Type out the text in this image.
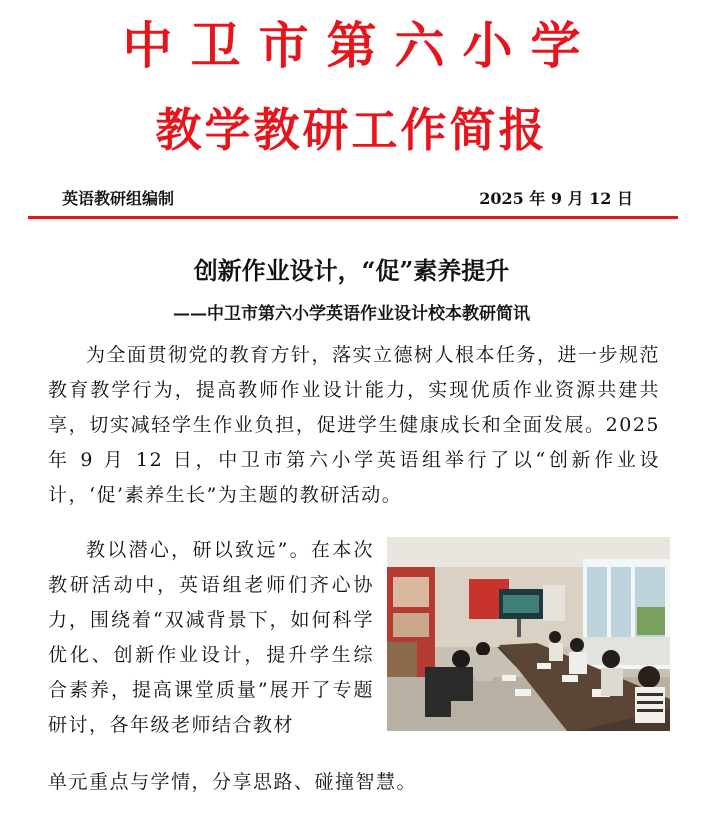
中卫市第六小学
教学教研工作简报
英语教研组编制	2025 年 9 月 12 日
创新作业设计，“促”素养提升
——中卫市第六小学英语作业设计校本教研简讯

为全面贯彻党的教育方针，落实立德树人根本任务，进一步规范教育教学行为，提高教师作业设计能力，实现优质作业资源共建共享，切实减轻学生作业负担，促进学生健康成长和全面发展。2025 年 9 月 12 日，中卫市第六小学英语组举行了以“创新作业设计，‘促’素养生长”为主题的教研活动。

教以潜心，研以致远”。在本次教研活动中，英语组老师们齐心协力，围绕着“双减背景下，如何科学优化、创新作业设计，提升学生综合素养，提高课堂质量”展开了专题研讨，各年级老师结合教材

单元重点与学情，分享思路、碰撞智慧。
